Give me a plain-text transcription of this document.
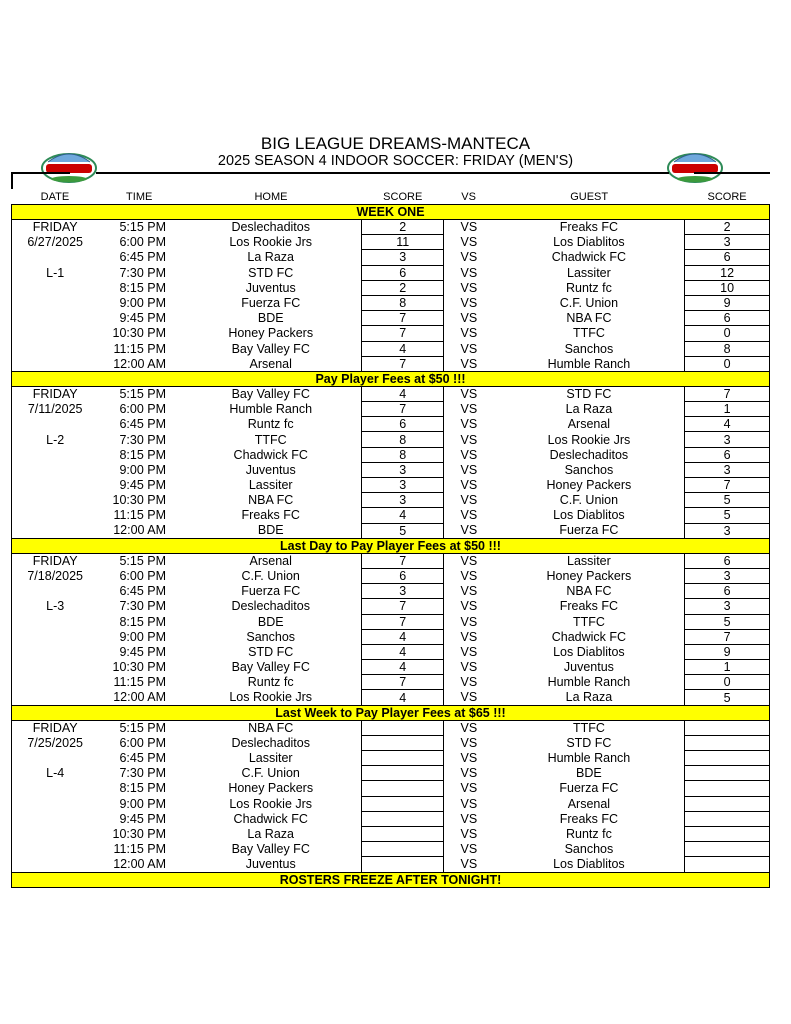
BIG LEAGUE DREAMS-MANTECA
2025 SEASON 4 INDOOR SOCCER: FRIDAY (MEN'S)
DATE	TIME	HOME	SCORE	VS	GUEST	SCORE
WEEK ONE						
FRIDAY	5:15 PM	Deslechaditos	2	VS	Freaks FC	2
6/27/2025	6:00 PM	Los Rookie Jrs	11	VS	Los Diablitos	3
	6:45 PM	La Raza	3	VS	Chadwick FC	6
L-1	7:30 PM	STD FC	6	VS	Lassiter	12
	8:15 PM	Juventus	2	VS	Runtz fc	10
	9:00 PM	Fuerza FC	8	VS	C.F. Union	9
	9:45 PM	BDE	7	VS	NBA FC	6
	10:30 PM	Honey Packers	7	VS	TTFC	0
	11:15 PM	Bay Valley FC	4	VS	Sanchos	8
	12:00 AM	Arsenal	7	VS	Humble Ranch	0
Pay Player Fees at $50 !!!						
FRIDAY	5:15 PM	Bay Valley FC	4	VS	STD FC	7
7/11/2025	6:00 PM	Humble Ranch	7	VS	La Raza	1
	6:45 PM	Runtz fc	6	VS	Arsenal	4
L-2	7:30 PM	TTFC	8	VS	Los Rookie Jrs	3
	8:15 PM	Chadwick FC	8	VS	Deslechaditos	6
	9:00 PM	Juventus	3	VS	Sanchos	3
	9:45 PM	Lassiter	3	VS	Honey Packers	7
	10:30 PM	NBA FC	3	VS	C.F. Union	5
	11:15 PM	Freaks FC	4	VS	Los Diablitos	5
	12:00 AM	BDE	5	VS	Fuerza FC	3
Last Day to Pay Player Fees at $50 !!!						
FRIDAY	5:15 PM	Arsenal	7	VS	Lassiter	6
7/18/2025	6:00 PM	C.F. Union	6	VS	Honey Packers	3
	6:45 PM	Fuerza FC	3	VS	NBA FC	6
L-3	7:30 PM	Deslechaditos	7	VS	Freaks FC	3
	8:15 PM	BDE	7	VS	TTFC	5
	9:00 PM	Sanchos	4	VS	Chadwick FC	7
	9:45 PM	STD FC	4	VS	Los Diablitos	9
	10:30 PM	Bay Valley FC	4	VS	Juventus	1
	11:15 PM	Runtz fc	7	VS	Humble Ranch	0
	12:00 AM	Los Rookie Jrs	4	VS	La Raza	5
Last Week to Pay Player Fees at $65 !!!						
FRIDAY	5:15 PM	NBA FC		VS	TTFC	
7/25/2025	6:00 PM	Deslechaditos		VS	STD FC	
	6:45 PM	Lassiter		VS	Humble Ranch	
L-4	7:30 PM	C.F. Union		VS	BDE	
	8:15 PM	Honey Packers		VS	Fuerza FC	
	9:00 PM	Los Rookie Jrs		VS	Arsenal	
	9:45 PM	Chadwick FC		VS	Freaks FC	
	10:30 PM	La Raza		VS	Runtz fc	
	11:15 PM	Bay Valley FC		VS	Sanchos	
	12:00 AM	Juventus		VS	Los Diablitos	
ROSTERS FREEZE AFTER TONIGHT!						
